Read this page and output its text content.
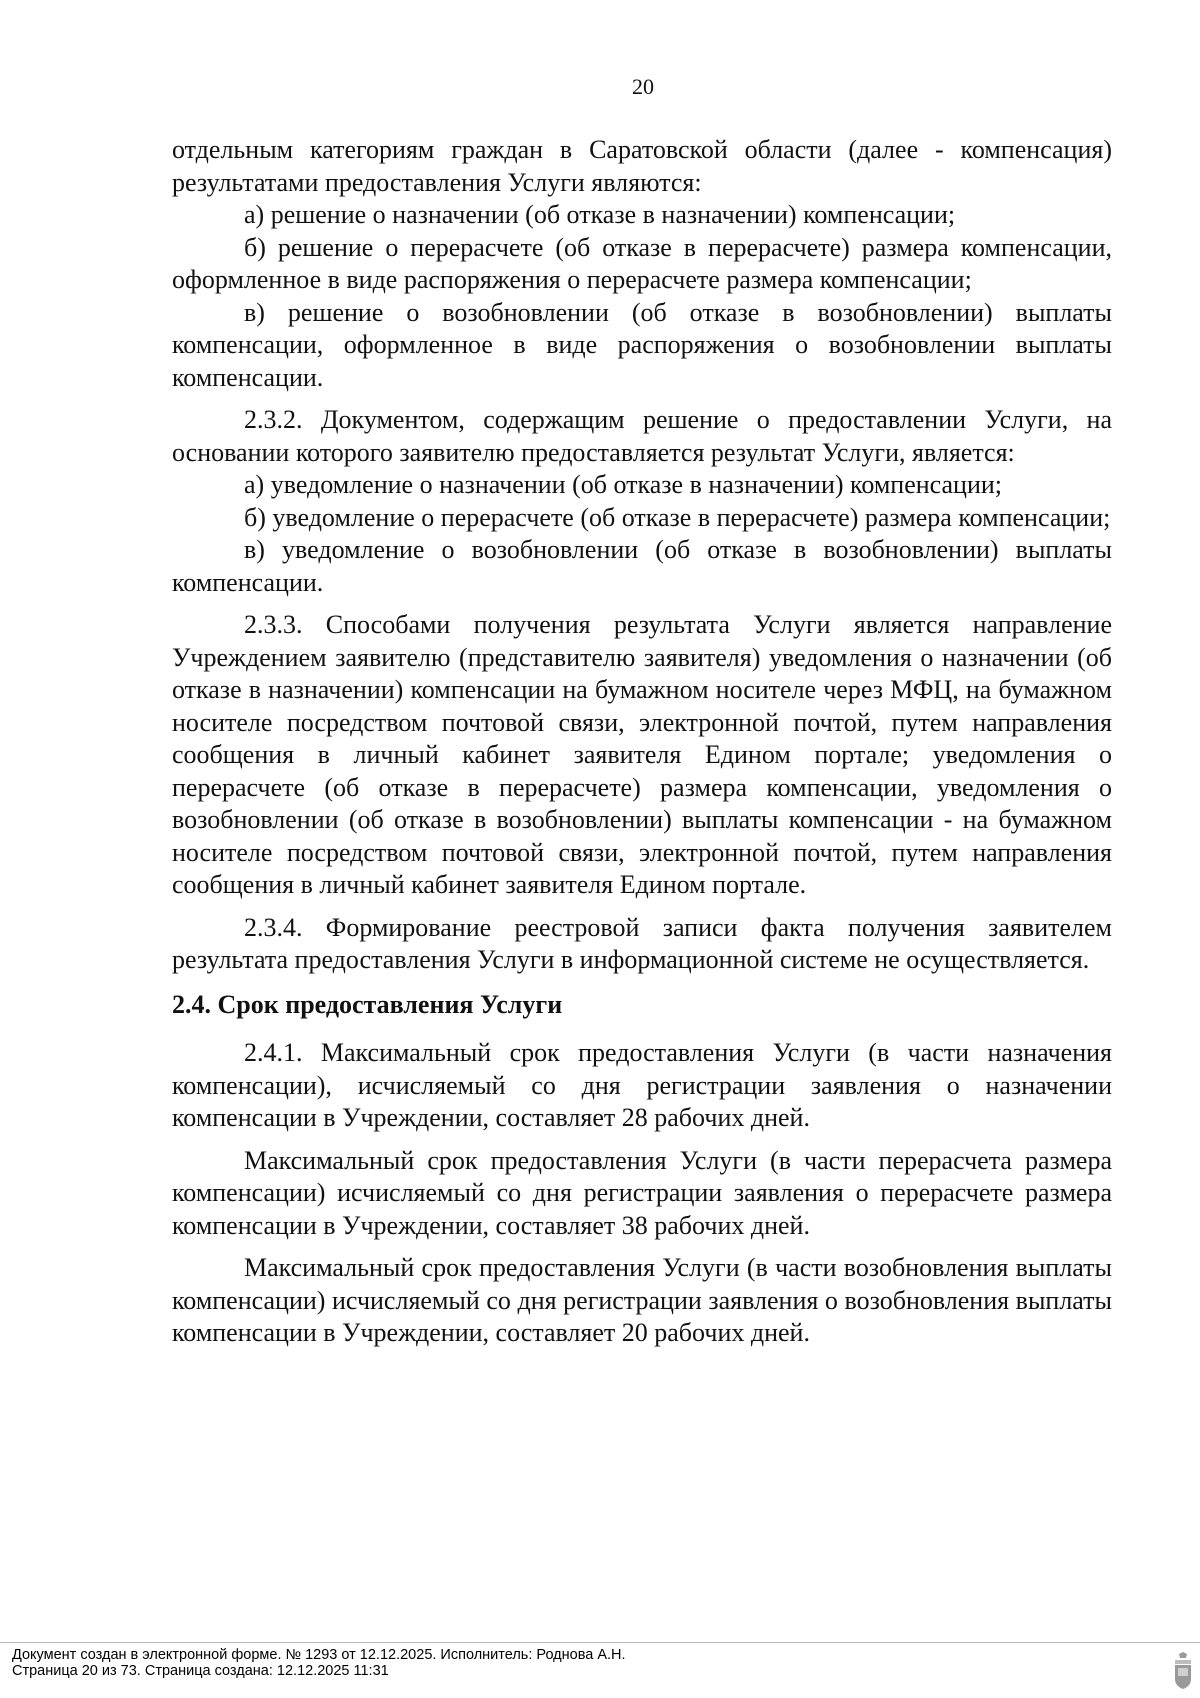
20

отдельным категориям граждан в Саратовской области (далее - компенсация) результатами предоставления Услуги являются:

а) решение о назначении (об отказе в назначении) компенсации;

б) решение о перерасчете (об отказе в перерасчете) размера компенсации, оформленное в виде распоряжения о перерасчете размера компенсации;

в) решение о возобновлении (об отказе в возобновлении) выплаты компенсации, оформленное в виде распоряжения о возобновлении выплаты компенсации.

2.3.2. Документом, содержащим решение о предоставлении Услуги, на основании которого заявителю предоставляется результат Услуги, является:

а) уведомление о назначении (об отказе в назначении) компенсации;

б) уведомление о перерасчете (об отказе в перерасчете) размера компенсации;

в) уведомление о возобновлении (об отказе в возобновлении) выплаты компенсации.

2.3.3. Способами получения результата Услуги является направление Учреждением заявителю (представителю заявителя) уведомления о назначении (об отказе в назначении) компенсации на бумажном носителе через МФЦ, на бумажном носителе посредством почтовой связи, электронной почтой, путем направления сообщения в личный кабинет заявителя Едином портале; уведомления о перерасчете (об отказе в перерасчете) размера компенсации, уведомления о возобновлении (об отказе в возобновлении) выплаты компенсации - на бумажном носителе посредством почтовой связи, электронной почтой, путем направления сообщения в личный кабинет заявителя Едином портале.

2.3.4. Формирование реестровой записи факта получения заявителем результата предоставления Услуги в информационной системе не осуществляется.

2.4. Срок предоставления Услуги

2.4.1. Максимальный срок предоставления Услуги (в части назначения компенсации), исчисляемый со дня регистрации заявления о назначении компенсации в Учреждении, составляет 28 рабочих дней.

Максимальный срок предоставления Услуги (в части перерасчета размера компенсации) исчисляемый со дня регистрации заявления о перерасчете размера компенсации в Учреждении, составляет 38 рабочих дней.

Максимальный срок предоставления Услуги (в части возобновления выплаты компенсации) исчисляемый со дня регистрации заявления о возобновления выплаты компенсации в Учреждении, составляет 20 рабочих дней.

Документ создан в электронной форме. № 1293 от 12.12.2025. Исполнитель: Роднова А.Н.
Страница 20 из 73. Страница создана: 12.12.2025 11:31
